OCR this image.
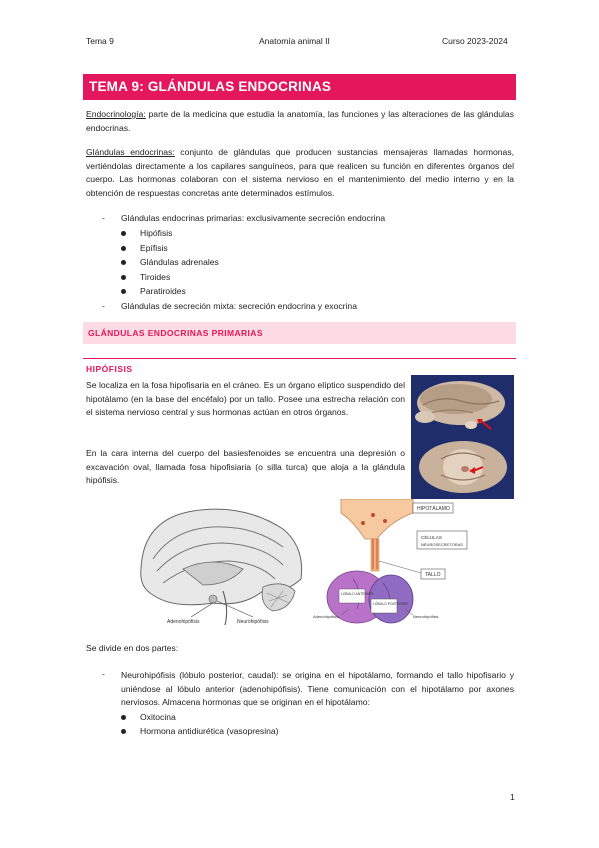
Tema 9	Anatomía animal II	Curso 2023-2024
TEMA 9: GLÁNDULAS ENDOCRINAS

Endocrinología: parte de la medicina que estudia la anatomía, las funciones y las alteraciones de las glándulas endocrinas.

Glándulas endocrinas: conjunto de glándulas que producen sustancias mensajeras llamadas hormonas, vertiéndolas directamente a los capilares sanguíneos, para que realicen su función en diferentes órganos del cuerpo. Las hormonas colaboran con el sistema nervioso en el mantenimiento del medio interno y en la obtención de respuestas concretas ante determinados estímulos.

- Glándulas endocrinas primarias: exclusivamente secreción endocrina
Hipófisis
Epífisis
Glándulas adrenales
Tiroides
Paratiroides
- Glándulas de secreción mixta: secreción endocrina y exocrina
GLÁNDULAS ENDOCRINAS PRIMARIAS
HIPÓFISIS

Se localiza en la fosa hipofisaria en el cráneo. Es un órgano elíptico suspendido del hipotálamo (en la base del encéfalo) por un tallo. Posee una estrecha relación con el sistema nervioso central y sus hormonas actúan en otros órganos.

En la cara interna del cuerpo del basiesfenoides se encuentra una depresión o excavación oval, llamada fosa hipofisiaria (o silla turca) que aloja a la glándula hipófisis.

Adenohipófisis	Neurohipófisis
HIPOTÁLAMO
CÉLULAS
NEUROSECRETORAS
TALLO
LÓBULO ANTERIOR
LÓBULO POSTERIOR
Adenohipófisis	Neurohipófisis

Se divide en dos partes:

- Neurohipófisis (lóbulo posterior, caudal): se origina en el hipotálamo, formando el tallo hipofisario y uniéndose al lóbulo anterior (adenohipófisis). Tiene comunicación con el hipotálamo por axones nerviosos. Almacena hormonas que se originan en el hipotálamo:

Oxitocina
Hormona antidiurética (vasopresina)
1
